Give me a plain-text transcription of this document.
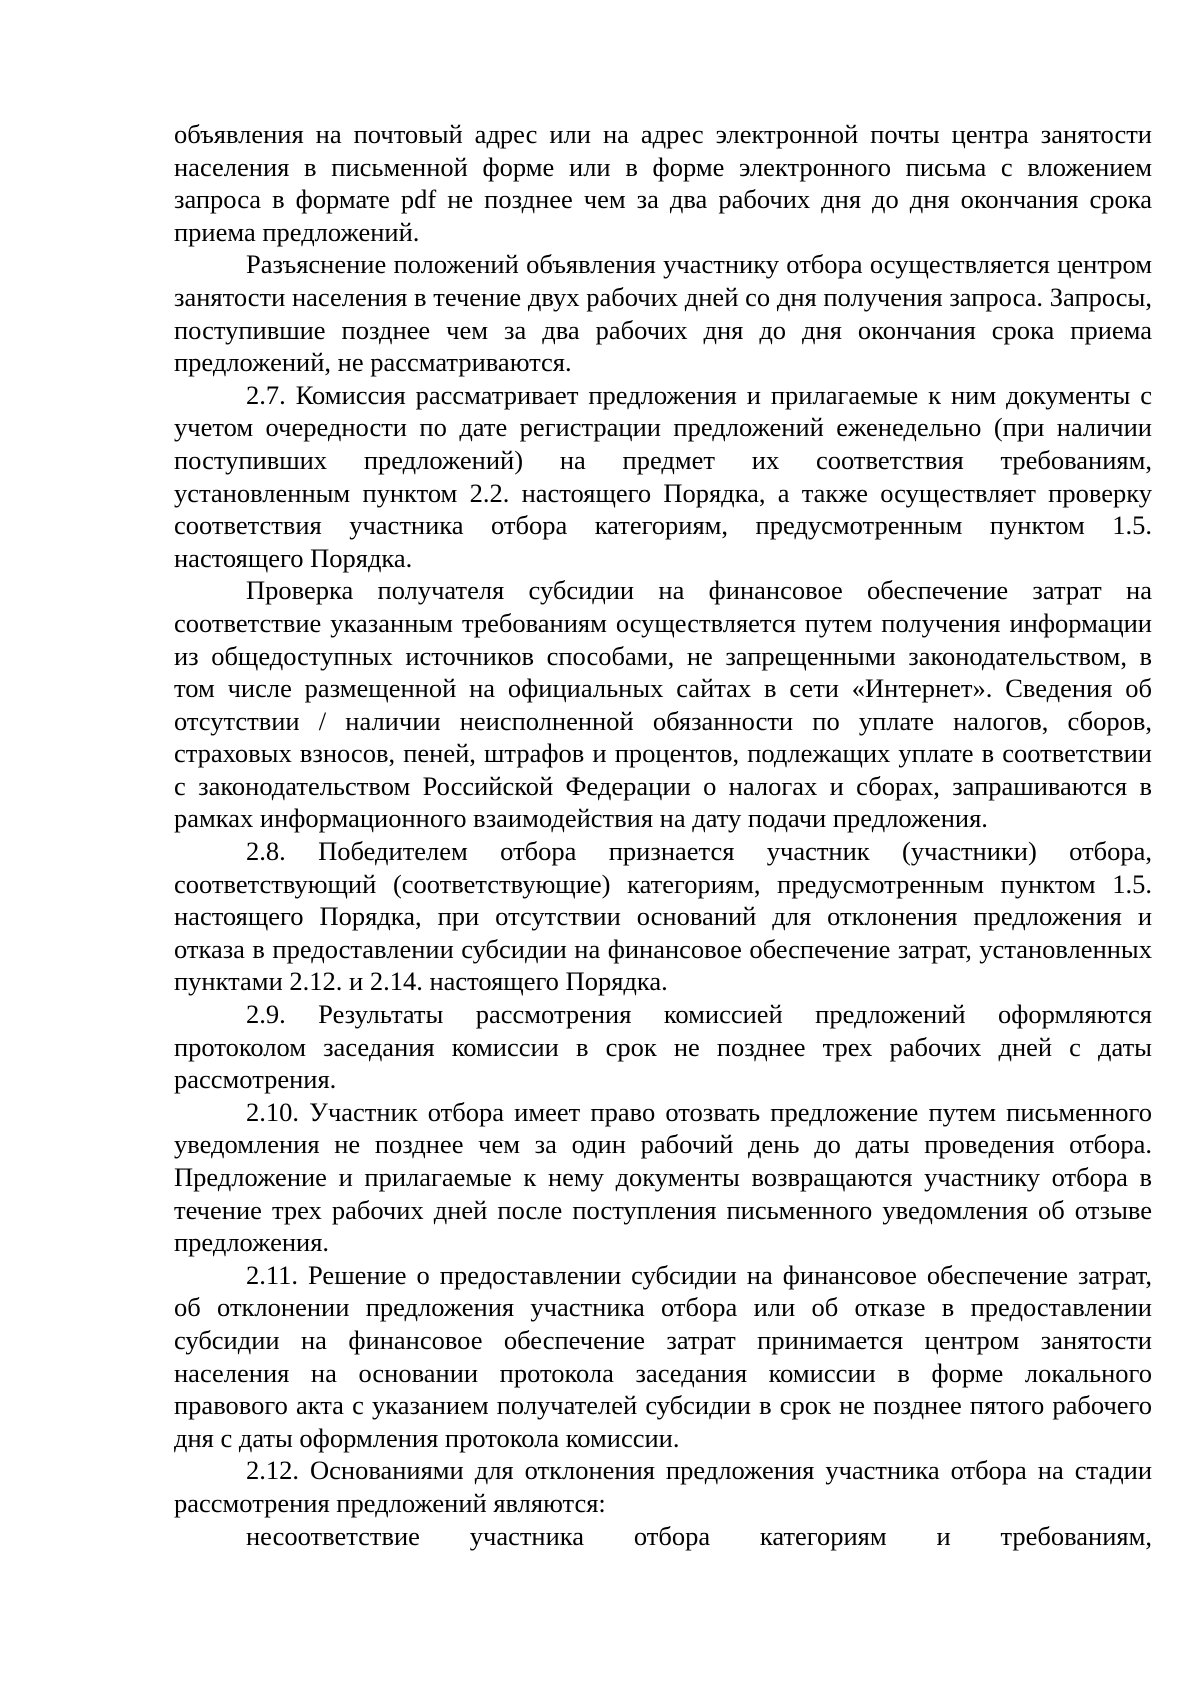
объявления на почтовый адрес или на адрес электронной почты центра занятости населения в письменной форме или в форме электронного письма с вложением запроса в формате pdf не позднее чем за два рабочих дня до дня окончания срока приема предложений.

Разъяснение положений объявления участнику отбора осуществляется центром занятости населения в течение двух рабочих дней со дня получения запроса. Запросы, поступившие позднее чем за два рабочих дня до дня окончания срока приема предложений, не рассматриваются.

2.7. Комиссия рассматривает предложения и прилагаемые к ним документы с учетом очередности по дате регистрации предложений еженедельно (при наличии поступивших предложений) на предмет их соответствия требованиям, установленным пунктом 2.2. настоящего Порядка, а также осуществляет проверку соответствия участника отбора категориям, предусмотренным пунктом 1.5. настоящего Порядка.

Проверка получателя субсидии на финансовое обеспечение затрат на соответствие указанным требованиям осуществляется путем получения информации из общедоступных источников способами, не запрещенными законодательством, в том числе размещенной на официальных сайтах в сети «Интернет». Сведения об отсутствии / наличии неисполненной обязанности по уплате налогов, сборов, страховых взносов, пеней, штрафов и процентов, подлежащих уплате в соответствии с законодательством Российской Федерации о налогах и сборах, запрашиваются в рамках информационного взаимодействия на дату подачи предложения.

2.8. Победителем отбора признается участник (участники) отбора, соответствующий (соответствующие) категориям, предусмотренным пунктом 1.5. настоящего Порядка, при отсутствии оснований для отклонения предложения и отказа в предоставлении субсидии на финансовое обеспечение затрат, установленных пунктами 2.12. и 2.14. настоящего Порядка.

2.9. Результаты рассмотрения комиссией предложений оформляются протоколом заседания комиссии в срок не позднее трех рабочих дней с даты рассмотрения.

2.10. Участник отбора имеет право отозвать предложение путем письменного уведомления не позднее чем за один рабочий день до даты проведения отбора. Предложение и прилагаемые к нему документы возвращаются участнику отбора в течение трех рабочих дней после поступления письменного уведомления об отзыве предложения.

2.11. Решение о предоставлении субсидии на финансовое обеспечение затрат, об отклонении предложения участника отбора или об отказе в предоставлении субсидии на финансовое обеспечение затрат принимается центром занятости населения на основании протокола заседания комиссии в форме локального правового акта с указанием получателей субсидии в срок не позднее пятого рабочего дня с даты оформления протокола комиссии.

2.12. Основаниями для отклонения предложения участника отбора на стадии рассмотрения предложений являются:

несоответствие участника отбора категориям и требованиям,
